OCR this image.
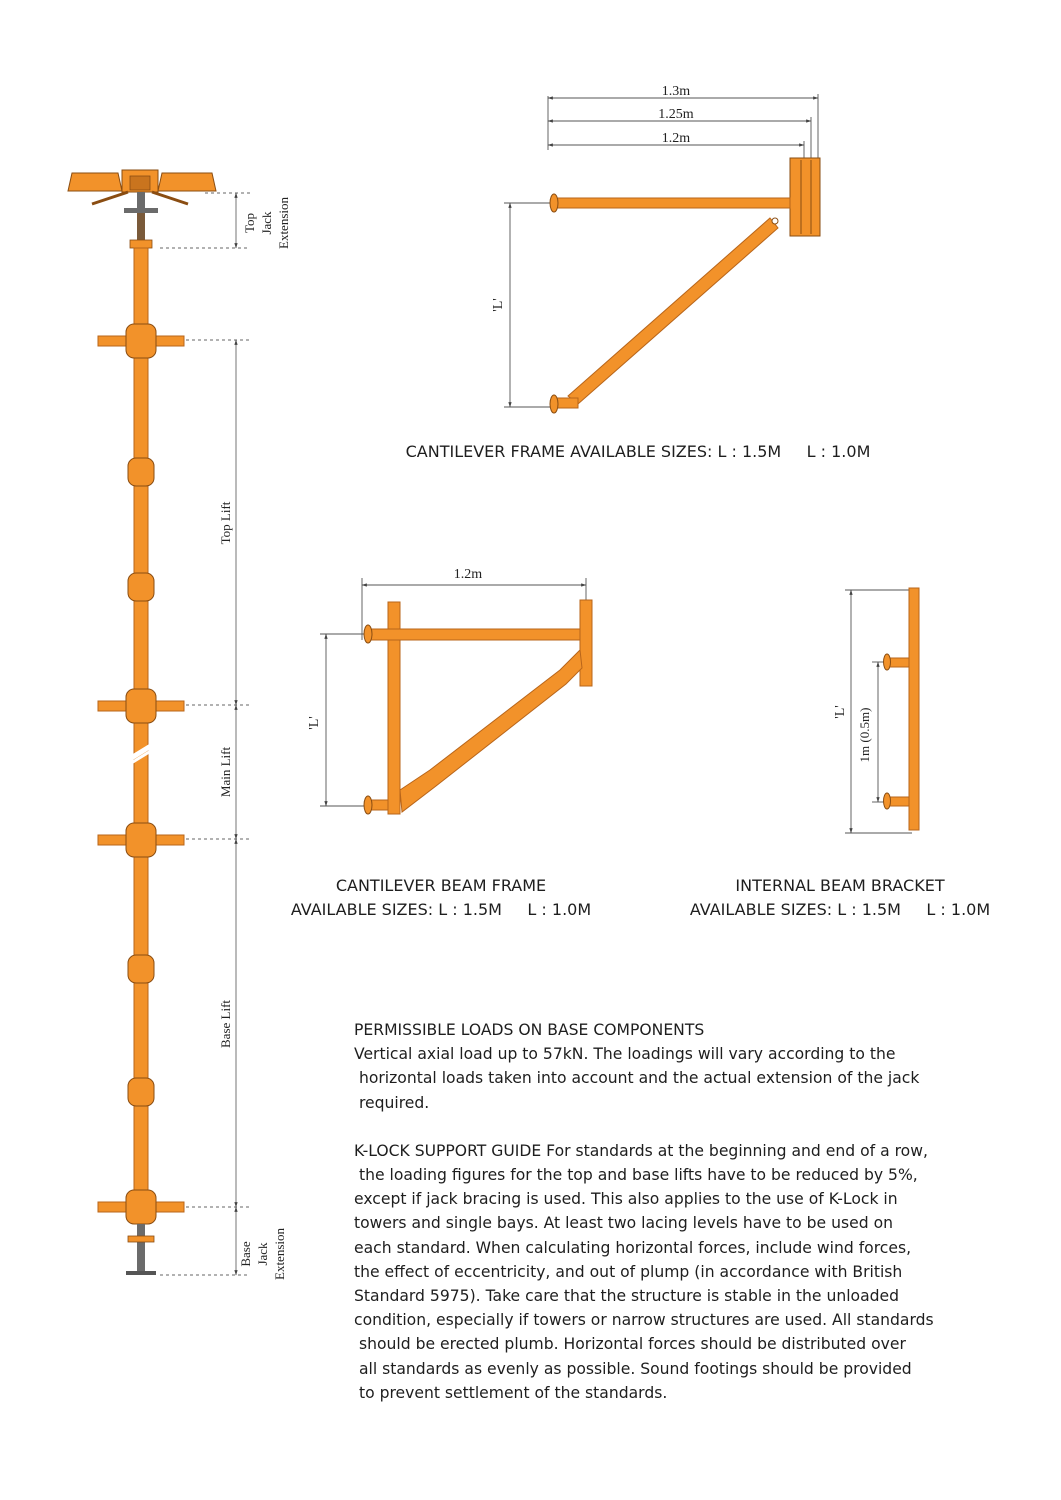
Top Jack Extension
Top Lift
Main Lift
Base Lift
Base Jack Extension
1.3m
1.25m
1.2m
'L'
CANTILEVER FRAME AVAILABLE SIZES: L : 1.5M     L : 1.0M
1.2m
'L'
CANTILEVER BEAM FRAME
AVAILABLE SIZES: L : 1.5M     L : 1.0M
'L' 1m (0.5m)
INTERNAL BEAM BRACKET
AVAILABLE SIZES: L : 1.5M     L : 1.0M
PERMISSIBLE LOADS ON BASE COMPONENTS
Vertical axial load up to 57kN. The loadings will vary according to the
horizontal loads taken into account and the actual extension of the jack
required.
K-LOCK SUPPORT GUIDE For standards at the beginning and end of a row,
the loading figures for the top and base lifts have to be reduced by 5%,
except if jack bracing is used. This also applies to the use of K-Lock in
towers and single bays. At least two lacing levels have to be used on
each standard. When calculating horizontal forces, include wind forces,
the effect of eccentricity, and out of plump (in accordance with British
Standard 5975). Take care that the structure is stable in the unloaded
condition, especially if towers or narrow structures are used. All standards
should be erected plumb. Horizontal forces should be distributed over
all standards as evenly as possible. Sound footings should be provided
to prevent settlement of the standards.
